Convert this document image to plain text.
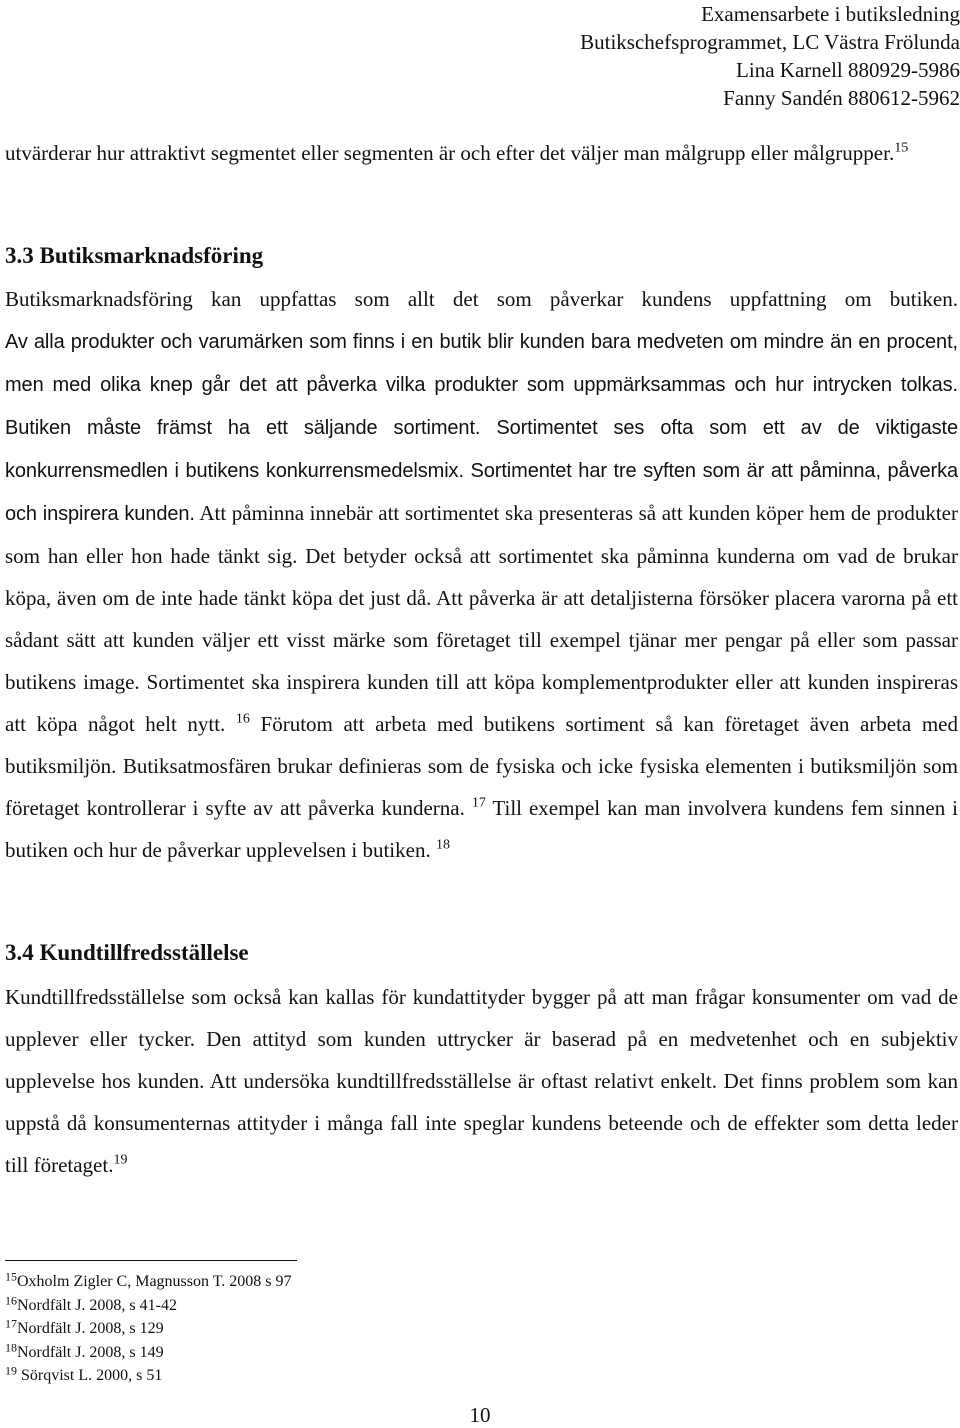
Examensarbete i butiksledning
Butikschefsprogrammet, LC Västra Frölunda
Lina Karnell 880929-5986
Fanny Sandén 880612-5962

utvärderar hur attraktivt segmentet eller segmenten är och efter det väljer man målgrupp eller målgrupper.$^{15}$

3.3 Butiksmarknadsföring

Butiksmarknadsföring kan uppfattas som allt det som påverkar kundens uppfattning om butiken.
Av alla produkter och varumärken som finns i en butik blir kunden bara medveten om mindre än en procent, men med olika knep går det att påverka vilka produkter som uppmärksammas och hur intrycken tolkas. Butiken måste främst ha ett säljande sortiment. Sortimentet ses ofta som ett av de viktigaste konkurrensmedlen i butikens konkurrensmedelsmix. Sortimentet har tre syften som är att påminna, påverka och inspirera kunden. Att påminna innebär att sortimentet ska presenteras så att kunden köper hem de produkter som han eller hon hade tänkt sig. Det betyder också att sortimentet ska påminna kunderna om vad de brukar köpa, även om de inte hade tänkt köpa det just då. Att påverka är att detaljisterna försöker placera varorna på ett sådant sätt att kunden väljer ett visst märke som företaget till exempel tjänar mer pengar på eller som passar butikens image. Sortimentet ska inspirera kunden till att köpa komplementprodukter eller att kunden inspireras att köpa något helt nytt. $^{16}$ Förutom att arbeta med butikens sortiment så kan företaget även arbeta med butiksmiljön. Butiksatmosfären brukar definieras som de fysiska och icke fysiska elementen i butiksmiljön som företaget kontrollerar i syfte av att påverka kunderna. $^{17}$ Till exempel kan man involvera kundens fem sinnen i butiken och hur de påverkar upplevelsen i butiken. $^{18}$

3.4 Kundtillfredsställelse

Kundtillfredsställelse som också kan kallas för kundattityder bygger på att man frågar konsumenter om vad de upplever eller tycker. Den attityd som kunden uttrycker är baserad på en medvetenhet och en subjektiv upplevelse hos kunden. Att undersöka kundtillfredsställelse är oftast relativt enkelt. Det finns problem som kan uppstå då konsumenternas attityder i många fall inte speglar kundens beteende och de effekter som detta leder till företaget.$^{19}$

$^{15}$Oxholm Zigler C, Magnusson T. 2008 s 97
$^{16}$Nordfält J. 2008, s 41-42
$^{17}$Nordfält J. 2008, s 129
$^{18}$Nordfält J. 2008, s 149
$^{19}$ Sörqvist L. 2000, s 51
10
